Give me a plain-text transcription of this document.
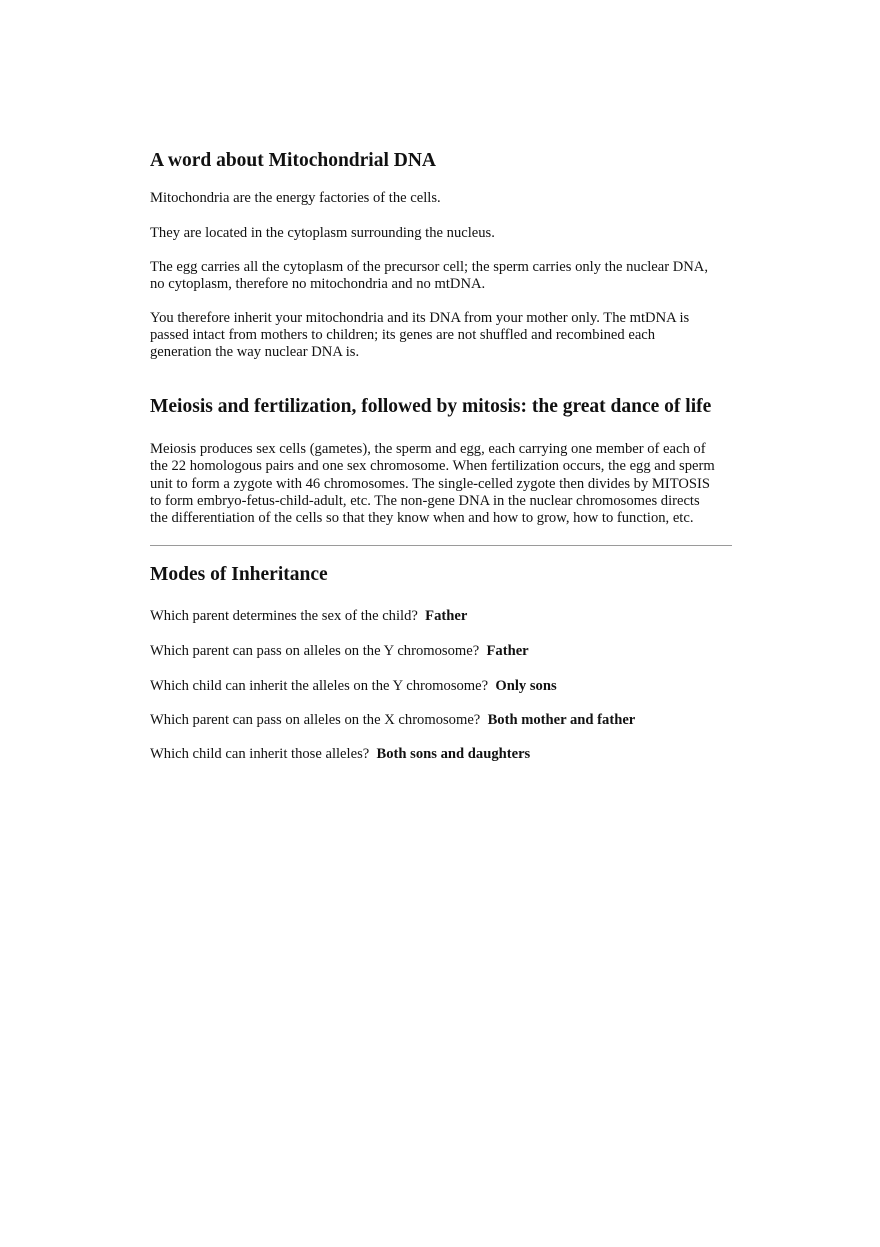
A word about Mitochondrial DNA

Mitochondria are the energy factories of the cells.

They are located in the cytoplasm surrounding the nucleus.

The egg carries all the cytoplasm of the precursor cell; the sperm carries only the nuclear DNA,

no cytoplasm, therefore no mitochondria and no mtDNA.

You therefore inherit your mitochondria and its DNA from your mother only. The mtDNA is

passed intact from mothers to children; its genes are not shuffled and recombined each

generation the way nuclear DNA is.

Meiosis and fertilization, followed by mitosis: the great dance of life

Meiosis produces sex cells (gametes), the sperm and egg, each carrying one member of each of

the 22 homologous pairs and one sex chromosome. When fertilization occurs, the egg and sperm

unit to form a zygote with 46 chromosomes. The single-celled zygote then divides by MITOSIS

to form embryo-fetus-child-adult, etc. The non-gene DNA in the nuclear chromosomes directs

the differentiation of the cells so that they know when and how to grow, how to function, etc.

Modes of Inheritance

Which parent determines the sex of the child? Father

Which parent can pass on alleles on the Y chromosome? Father

Which child can inherit the alleles on the Y chromosome? Only sons

Which parent can pass on alleles on the X chromosome? Both mother and father

Which child can inherit those alleles? Both sons and daughters
